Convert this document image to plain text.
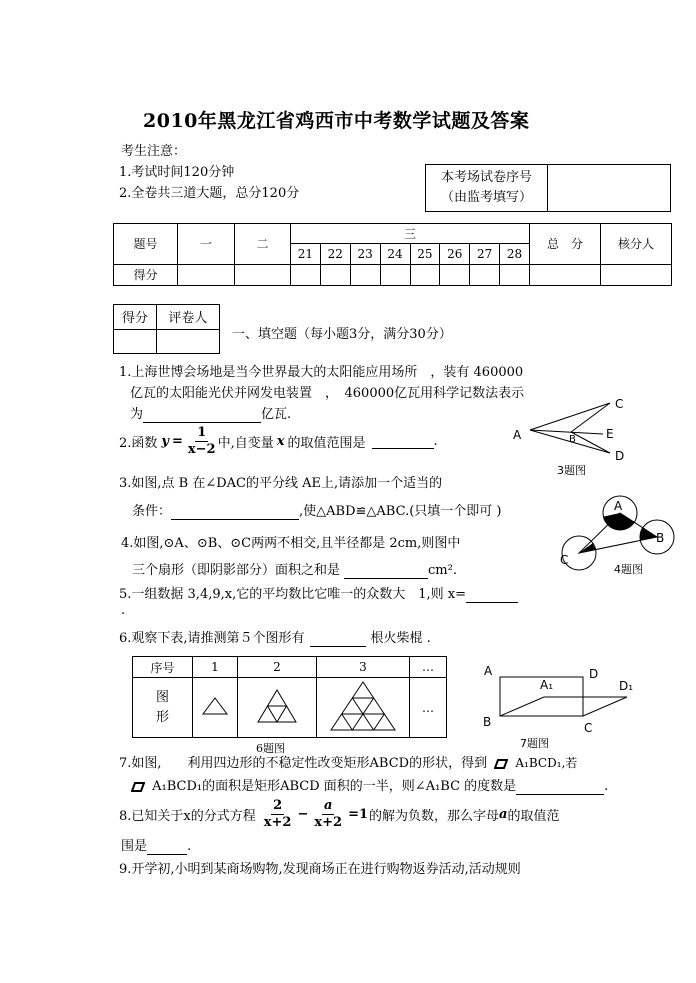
2010年黑龙江省鸡西市中考数学试题及答案
考生注意：
1.考试时间120分钟
2.全卷共三道大题，总分120分
本考场试卷序号
（由监考填写）

题号	一	二	三								总　分	核分人
			21	22	23	24	25	26	27	28		
得分												
得分	评卷人

一、填空题（每小题3分，满分30分）
1.上海世博会场地是当今世界最大的太阳能应用场所　，装有 460000
亿瓦的太阳能光伏并网发电装置　，　460000亿瓦用科学记数法表示
为	亿瓦.
2.函数 $y = \frac{1}{x-2}$ 中,自变量 x 的取值范围是
	.
3.如图,点 B 在∠DAC的平分线 AE上,请添加一个适当的
条件：	,使△ABD≌△ABC.(只填一个即可 )
4.如图,⊙A、⊙B、⊙C两两不相交,且半径都是 2cm,则图中
三个扇形（即阴影部分）面积之和是	cm².
5.一组数据 3,4,9,x,它的平均数比它唯一的众数大　1,则 x=
.
6.观察下表,请推测第５个图形有	根火柴棍 .
序号	1	2	3	…
图
形				…
6题图
7.如图,　　利用四边形的不稳定性改变矩形ABCD的形状，得到 A₁BCD₁,若
A₁BCD₁的面积是矩形ABCD 面积的一半，则∠A₁BC 的度数是	.
8.已知关于x的分式方程 $\frac{2}{x+2} - \frac{a}{x+2} =1$ 的解为负数，那么字母 a 的取值范
围是	.
9.开学初,小明到某商场购物,发现商场正在进行购物返券活动,活动规则
A	B
C
D
E
3题图
A
B
C
4题图
A
A₁
B	C
D
D₁
7题图
